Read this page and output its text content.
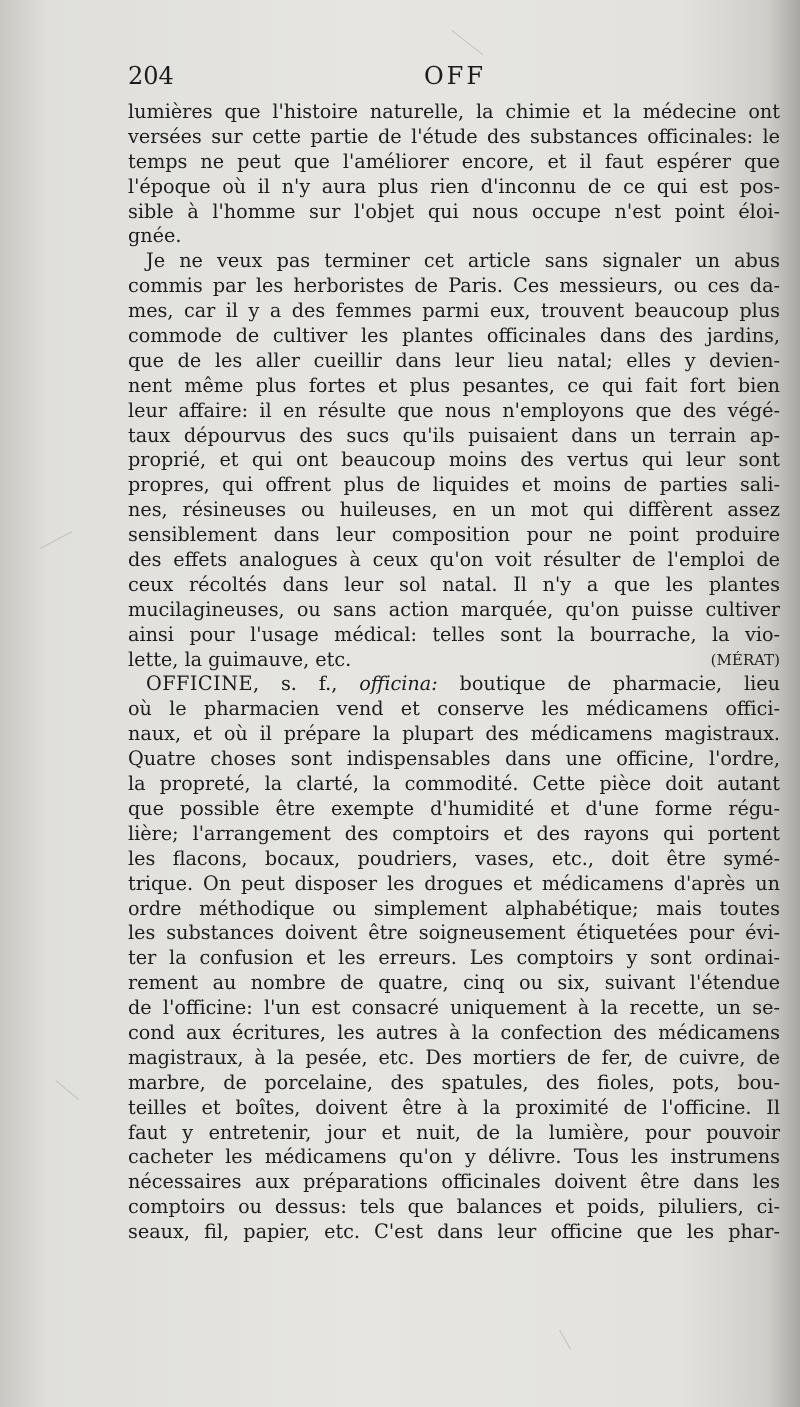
204	OFF
lumières que l'histoire naturelle, la chimie et la médecine ont
versées sur cette partie de l'étude des substances officinales: le
temps ne peut que l'améliorer encore, et il faut espérer que
l'époque où il n'y aura plus rien d'inconnu de ce qui est pos-
sible à l'homme sur l'objet qui nous occupe n'est point éloi-
gnée.
Je ne veux pas terminer cet article sans signaler un abus
commis par les herboristes de Paris. Ces messieurs, ou ces da-
mes, car il y a des femmes parmi eux, trouvent beaucoup plus
commode de cultiver les plantes officinales dans des jardins,
que de les aller cueillir dans leur lieu natal; elles y devien-
nent même plus fortes et plus pesantes, ce qui fait fort bien
leur affaire: il en résulte que nous n'employons que des végé-
taux dépourvus des sucs qu'ils puisaient dans un terrain ap-
proprié, et qui ont beaucoup moins des vertus qui leur sont
propres, qui offrent plus de liquides et moins de parties sali-
nes, résineuses ou huileuses, en un mot qui diffèrent assez
sensiblement dans leur composition pour ne point produire
des effets analogues à ceux qu'on voit résulter de l'emploi de
ceux récoltés dans leur sol natal. Il n'y a que les plantes
mucilagineuses, ou sans action marquée, qu'on puisse cultiver
ainsi pour l'usage médical: telles sont la bourrache, la vio-
lette, la guimauve, etc.	(MÉRAT)
OFFICINE, s. f., officina: boutique de pharmacie, lieu
où le pharmacien vend et conserve les médicamens offici-
naux, et où il prépare la plupart des médicamens magistraux.
Quatre choses sont indispensables dans une officine, l'ordre,
la propreté, la clarté, la commodité. Cette pièce doit autant
que possible être exempte d'humidité et d'une forme régu-
lière; l'arrangement des comptoirs et des rayons qui portent
les flacons, bocaux, poudriers, vases, etc., doit être symé-
trique. On peut disposer les drogues et médicamens d'après un
ordre méthodique ou simplement alphabétique; mais toutes
les substances doivent être soigneusement étiquetées pour évi-
ter la confusion et les erreurs. Les comptoirs y sont ordinai-
rement au nombre de quatre, cinq ou six, suivant l'étendue
de l'officine: l'un est consacré uniquement à la recette, un se-
cond aux écritures, les autres à la confection des médicamens
magistraux, à la pesée, etc. Des mortiers de fer, de cuivre, de
marbre, de porcelaine, des spatules, des fioles, pots, bou-
teilles et boîtes, doivent être à la proximité de l'officine. Il
faut y entretenir, jour et nuit, de la lumière, pour pouvoir
cacheter les médicamens qu'on y délivre. Tous les instrumens
nécessaires aux préparations officinales doivent être dans les
comptoirs ou dessus: tels que balances et poids, piluliers, ci-
seaux, fil, papier, etc. C'est dans leur officine que les phar-
